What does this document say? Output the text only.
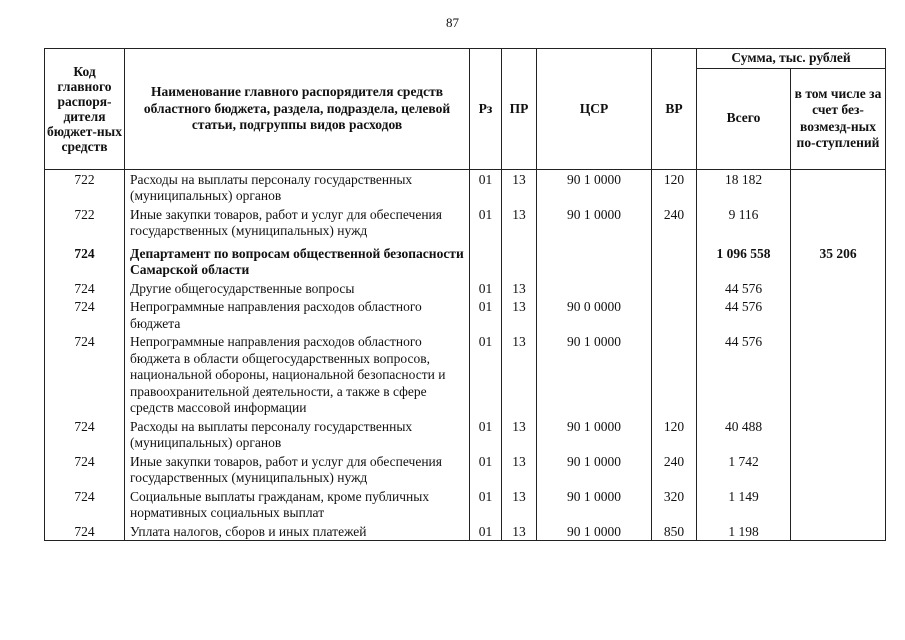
87
Код главного распоря-дителя бюджет-ных средств	Наименование главного распорядителя средств областного бюджета, раздела, подраздела, целевой статьи, подгруппы видов расходов	Рз	ПР	ЦСР	ВР	Сумма, тыс. рублей	
						Всего	в том числе за счет без-возмезд-ных по-ступлений
722	Расходы на выплаты персоналу государственных (муниципальных) органов	01	13	90 1 0000	120	18 182	
722	Иные закупки товаров, работ и услуг для обеспечения государственных (муниципальных) нужд	01	13	90 1 0000	240	9 116	
724	Департамент по вопросам общественной безопасности Самарской области					1 096 558	35 206
724	Другие общегосударственные вопросы	01	13			44 576	
724	Непрограммные направления расходов областного бюджета	01	13	90 0 0000		44 576	
724	Непрограммные направления расходов областного бюджета в области общегосударственных вопросов, национальной обороны, национальной безопасности и правоохранительной деятельности, а также в сфере средств массовой информации	01	13	90 1 0000		44 576	
724	Расходы на выплаты персоналу государственных (муниципальных) органов	01	13	90 1 0000	120	40 488	
724	Иные закупки товаров, работ и услуг для обеспечения государственных (муниципальных) нужд	01	13	90 1 0000	240	1 742	
724	Социальные выплаты гражданам, кроме публичных нормативных социальных выплат	01	13	90 1 0000	320	1 149	
724	Уплата налогов, сборов и иных платежей	01	13	90 1 0000	850	1 198	
